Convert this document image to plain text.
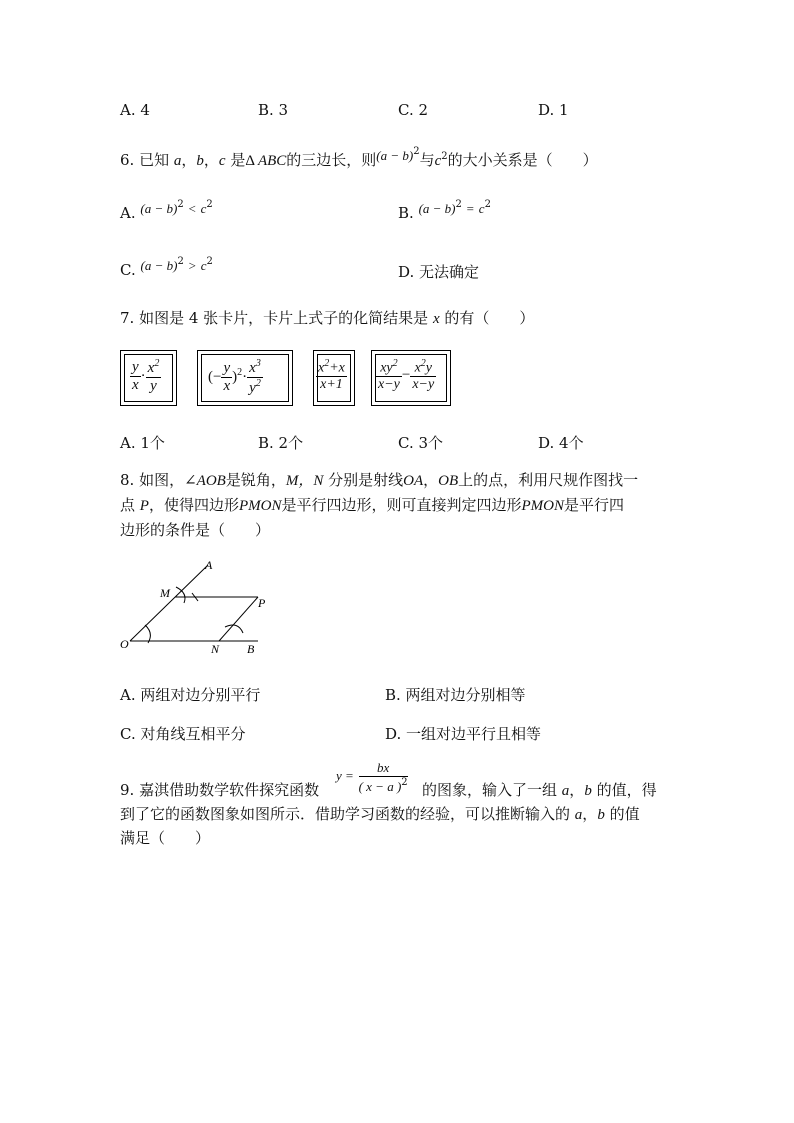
A. 4	B. 3	C. 2	D. 1
6. 已知 a，b，c 是Δ ABC的三边长，则$(a - b)^2$与$c^2$的大小关系是（　　）
A. $(a - b)^2 < c^2$	B. $(a - b)^2 = c^2$
C. $(a - b)^2 > c^2$
D. 无法确定
7. 如图是 4 张卡片，卡片上式子的化简结果是 x 的有（　　）
$\frac{y}{x} \cdot \frac{x^2}{y}$	(− $\frac{y}{x} )^2\cdot \frac{x^3}{y^2}$	$\frac{x^2+x}{x+1} \frac{xy^2}{x-y} - \frac{x^2y}{x-y}$
A. 1个	B. 2个	C. 3个	D. 4个
8. 如图，∠AOB是锐角，M，N 分别是射线OA，OB上的点，利用尺规作图找一
点 P，使得四边形PMON是平行四边形，则可直接判定四边形PMON是平行四
边形的条件是（　　）
A
M
P
O	N B
A. 两组对边分别平行	B. 两组对边分别相等
C. 对角线互相平分	D. 一组对边平行且相等
9. 嘉淇借助数学软件探究函数
$y = \frac{bx}{( x - a )^2}$ 的图象，输入了一组 a，b 的值，得
到了它的函数图象如图所示．借助学习函数的经验，可以推断输入的 a，b 的值
满足（　　）
